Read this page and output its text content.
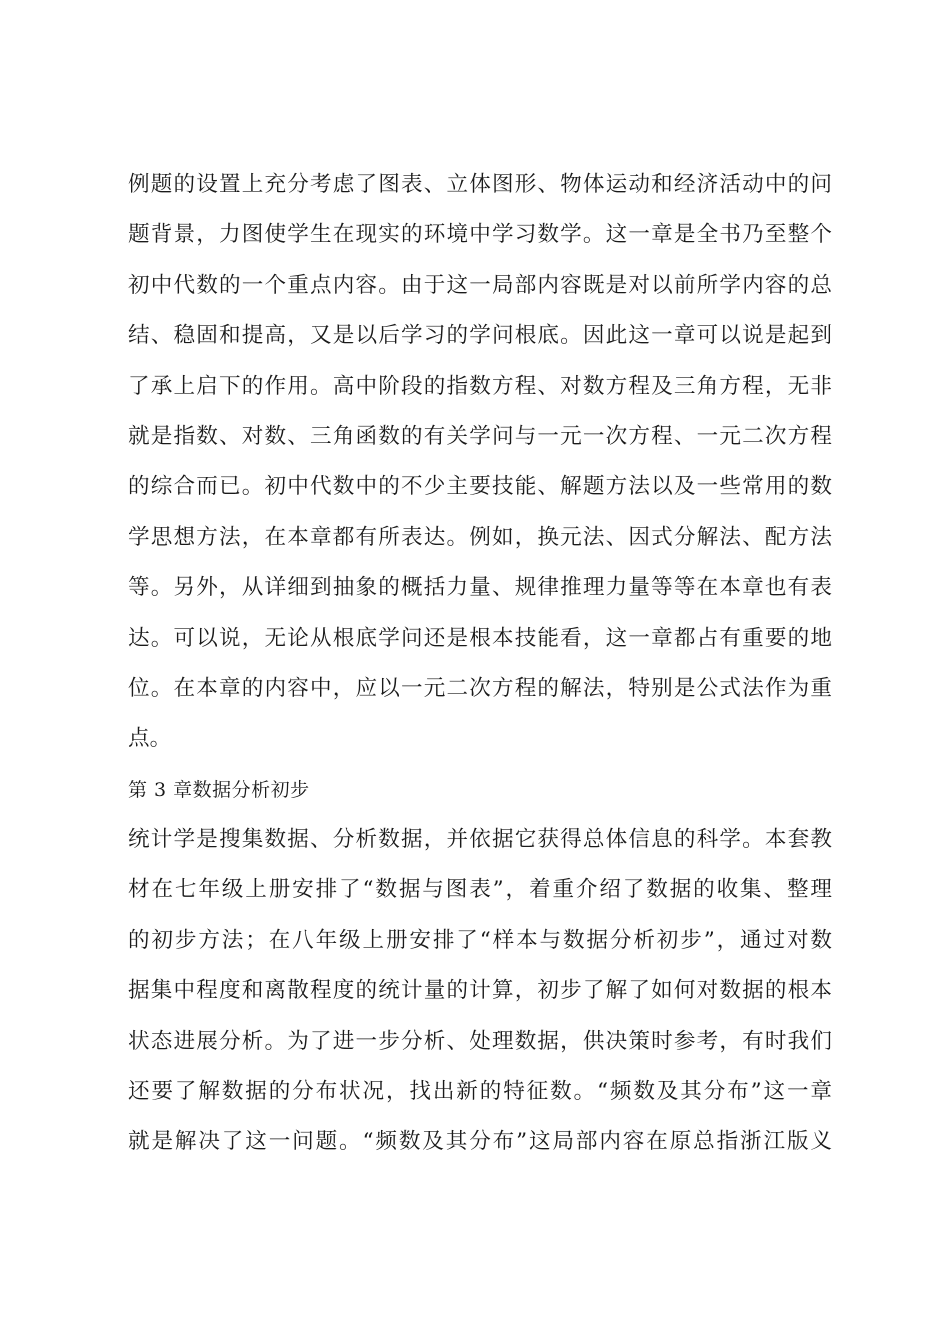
例题的设置上充分考虑了图表、立体图形、物体运动和经济活动中的问
题背景，力图使学生在现实的环境中学习数学。这一章是全书乃至整个
初中代数的一个重点内容。由于这一局部内容既是对以前所学内容的总
结、稳固和提高，又是以后学习的学问根底。因此这一章可以说是起到
了承上启下的作用。高中阶段的指数方程、对数方程及三角方程，无非
就是指数、对数、三角函数的有关学问与一元一次方程、一元二次方程
的综合而已。初中代数中的不少主要技能、解题方法以及一些常用的数
学思想方法，在本章都有所表达。例如，换元法、因式分解法、配方法
等。另外，从详细到抽象的概括力量、规律推理力量等等在本章也有表
达。可以说，无论从根底学问还是根本技能看，这一章都占有重要的地
位。在本章的内容中，应以一元二次方程的解法，特别是公式法作为重
点。
第 3 章数据分析初步
统计学是搜集数据、分析数据，并依据它获得总体信息的科学。本套教
材在七年级上册安排了“数据与图表”，着重介绍了数据的收集、整理
的初步方法；在八年级上册安排了“样本与数据分析初步”，通过对数
据集中程度和离散程度的统计量的计算，初步了解了如何对数据的根本
状态进展分析。为了进一步分析、处理数据，供决策时参考，有时我们
还要了解数据的分布状况，找出新的特征数。“频数及其分布”这一章
就是解决了这一问题。“频数及其分布”这局部内容在原总指浙江版义
